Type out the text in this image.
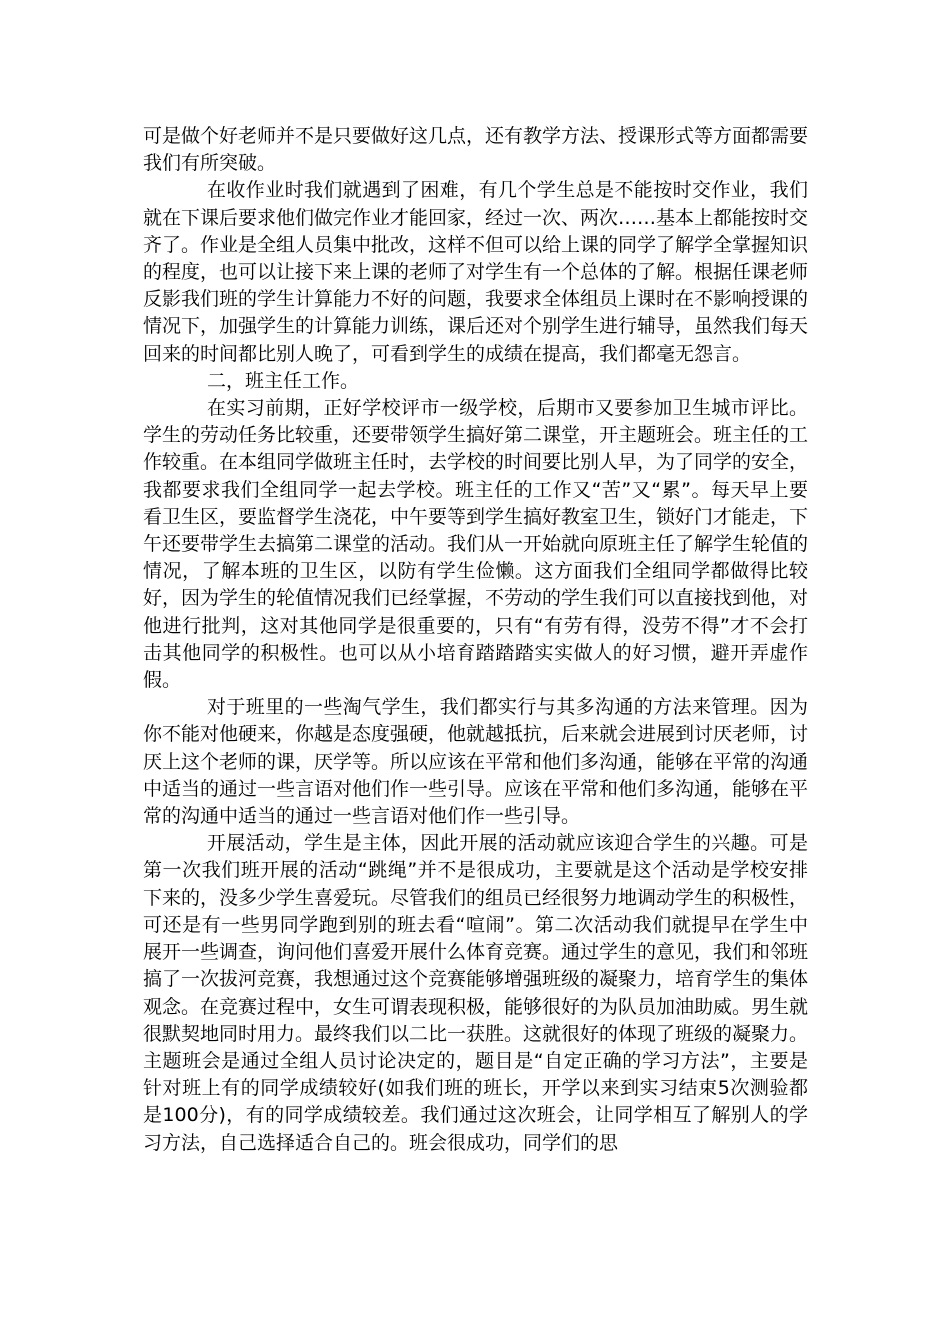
可是做个好老师并不是只要做好这几点，还有教学方法、授课形式等方面都需要我们有所突破。

在收作业时我们就遇到了困难，有几个学生总是不能按时交作业，我们就在下课后要求他们做完作业才能回家，经过一次、两次……基本上都能按时交齐了。作业是全组人员集中批改，这样不但可以给上课的同学了解学全掌握知识的程度，也可以让接下来上课的老师了对学生有一个总体的了解。根据任课老师反影我们班的学生计算能力不好的问题，我要求全体组员上课时在不影响授课的情况下，加强学生的计算能力训练，课后还对个别学生进行辅导，虽然我们每天回来的时间都比别人晚了，可看到学生的成绩在提高，我们都毫无怨言。

二，班主任工作。

在实习前期，正好学校评市一级学校，后期市又要参加卫生城市评比。学生的劳动任务比较重，还要带领学生搞好第二课堂，开主题班会。班主任的工作较重。在本组同学做班主任时，去学校的时间要比别人早，为了同学的安全，我都要求我们全组同学一起去学校。班主任的工作又“苦”又“累”。每天早上要看卫生区，要监督学生浇花，中午要等到学生搞好教室卫生，锁好门才能走，下午还要带学生去搞第二课堂的活动。我们从一开始就向原班主任了解学生轮值的情况，了解本班的卫生区，以防有学生俭懒。这方面我们全组同学都做得比较好，因为学生的轮值情况我们已经掌握，不劳动的学生我们可以直接找到他，对他进行批判，这对其他同学是很重要的，只有“有劳有得，没劳不得”才不会打击其他同学的积极性。也可以从小培育踏踏踏实实做人的好习惯，避开弄虚作假。

对于班里的一些淘气学生，我们都实行与其多沟通的方法来管理。因为你不能对他硬来，你越是态度强硬，他就越抵抗，后来就会进展到讨厌老师，讨厌上这个老师的课，厌学等。所以应该在平常和他们多沟通，能够在平常的沟通中适当的通过一些言语对他们作一些引导。应该在平常和他们多沟通，能够在平常的沟通中适当的通过一些言语对他们作一些引导。

开展活动，学生是主体，因此开展的活动就应该迎合学生的兴趣。可是第一次我们班开展的活动“跳绳”并不是很成功，主要就是这个活动是学校安排下来的，没多少学生喜爱玩。尽管我们的组员已经很努力地调动学生的积极性，可还是有一些男同学跑到别的班去看“喧闹”。第二次活动我们就提早在学生中展开一些调查，询问他们喜爱开展什么体育竞赛。通过学生的意见，我们和邻班搞了一次拔河竞赛，我想通过这个竞赛能够增强班级的凝聚力，培育学生的集体观念。在竞赛过程中，女生可谓表现积极，能够很好的为队员加油助威。男生就很默契地同时用力。最终我们以二比一获胜。这就很好的体现了班级的凝聚力。主题班会是通过全组人员讨论决定的，题目是“自定正确的学习方法”，主要是针对班上有的同学成绩较好(如我们班的班长，开学以来到实习结束5次测验都是100分)，有的同学成绩较差。我们通过这次班会，让同学相互了解别人的学习方法，自己选择适合自己的。班会很成功，同学们的思
